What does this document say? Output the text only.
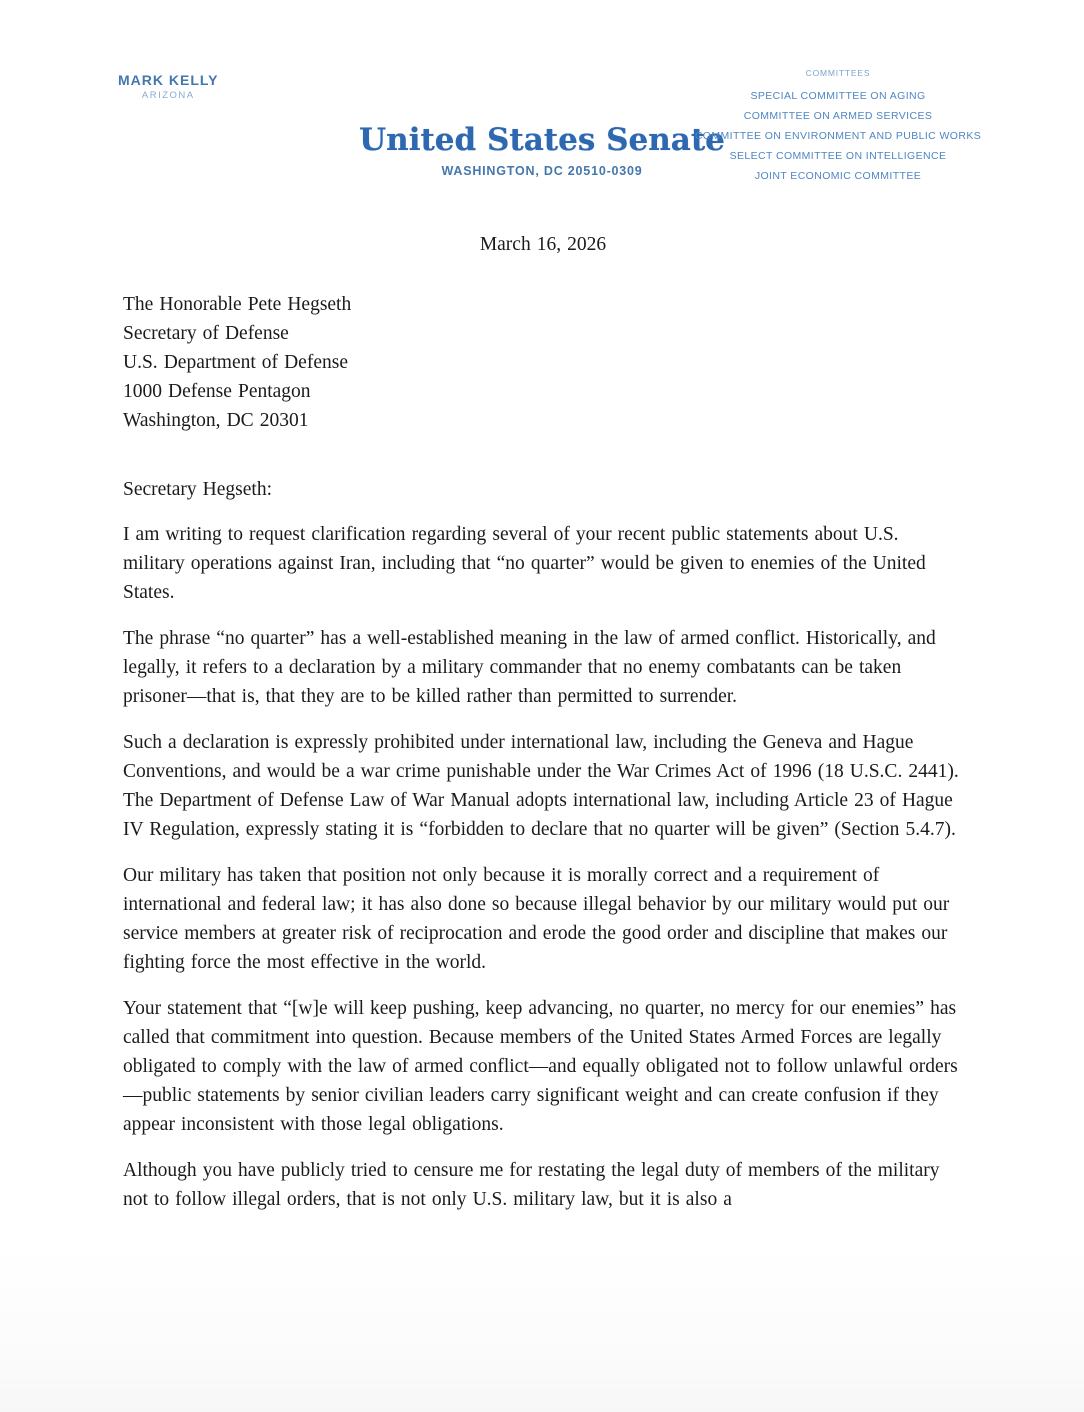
MARK KELLY
ARIZONA
United States Senate
WASHINGTON, DC 20510-0309
COMMITTEES
SPECIAL COMMITTEE ON AGING
COMMITTEE ON ARMED SERVICES
COMMITTEE ON ENVIRONMENT AND PUBLIC WORKS
SELECT COMMITTEE ON INTELLIGENCE
JOINT ECONOMIC COMMITTEE
March 16, 2026
The Honorable Pete Hegseth
Secretary of Defense
U.S. Department of Defense
1000 Defense Pentagon
Washington, DC 20301
Secretary Hegseth:

I am writing to request clarification regarding several of your recent public statements about U.S. military operations against Iran, including that “no quarter” would be given to enemies of the United States.

The phrase “no quarter” has a well-established meaning in the law of armed conflict. Historically, and legally, it refers to a declaration by a military commander that no enemy combatants can be taken prisoner—that is, that they are to be killed rather than permitted to surrender.

Such a declaration is expressly prohibited under international law, including the Geneva and Hague Conventions, and would be a war crime punishable under the War Crimes Act of 1996 (18 U.S.C. 2441). The Department of Defense Law of War Manual adopts international law, including Article 23 of Hague IV Regulation, expressly stating it is “forbidden to declare that no quarter will be given” (Section 5.4.7).

Our military has taken that position not only because it is morally correct and a requirement of international and federal law; it has also done so because illegal behavior by our military would put our service members at greater risk of reciprocation and erode the good order and discipline that makes our fighting force the most effective in the world.

Your statement that “[w]e will keep pushing, keep advancing, no quarter, no mercy for our enemies” has called that commitment into question. Because members of the United States Armed Forces are legally obligated to comply with the law of armed conflict—and equally obligated not to follow unlawful orders—public statements by senior civilian leaders carry significant weight and can create confusion if they appear inconsistent with those legal obligations.

Although you have publicly tried to censure me for restating the legal duty of members of the military not to follow illegal orders, that is not only U.S. military law, but it is also a
